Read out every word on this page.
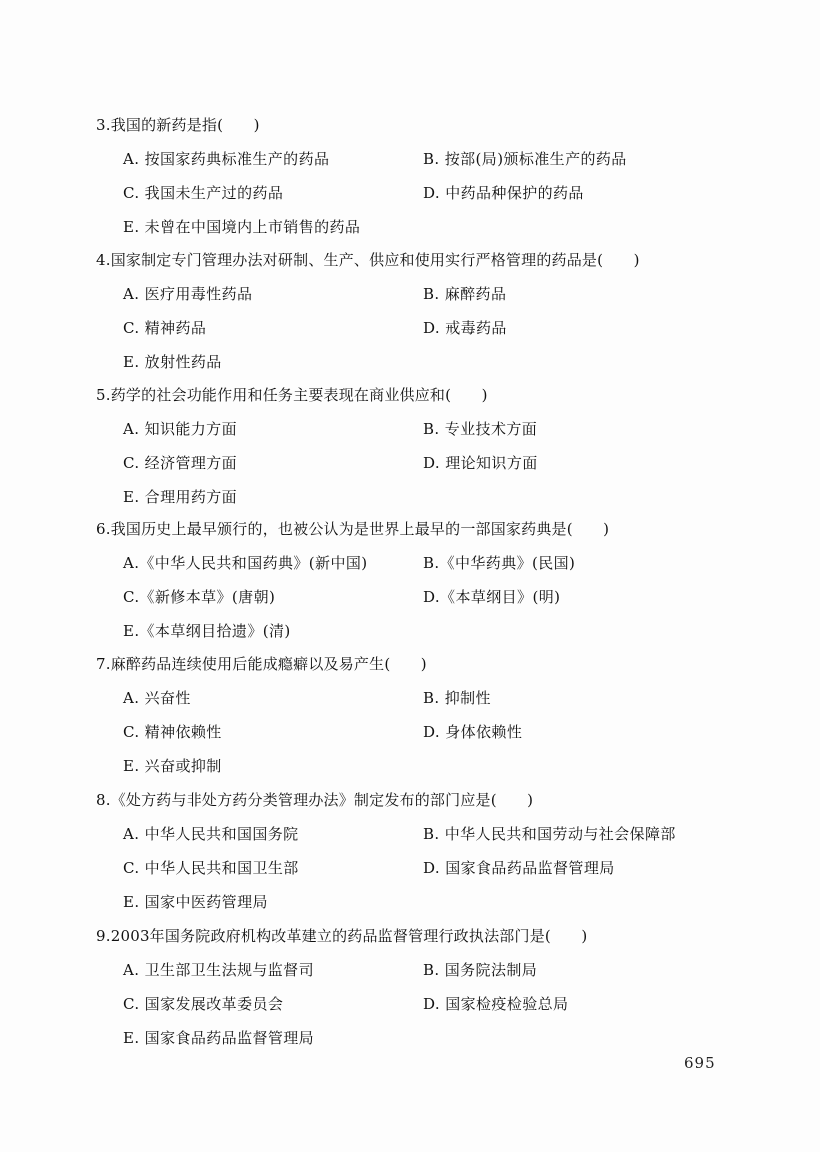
3.我国的新药是指(　　)
A. 按国家药典标准生产的药品	B. 按部(局)颁标准生产的药品
C. 我国未生产过的药品	D. 中药品种保护的药品
E. 未曾在中国境内上市销售的药品
4.国家制定专门管理办法对研制、生产、供应和使用实行严格管理的药品是(　　)
A. 医疗用毒性药品	B. 麻醉药品
C. 精神药品	D. 戒毒药品
E. 放射性药品
5.药学的社会功能作用和任务主要表现在商业供应和(　　)
A. 知识能力方面	B. 专业技术方面
C. 经济管理方面	D. 理论知识方面
E. 合理用药方面
6.我国历史上最早颁行的，也被公认为是世界上最早的一部国家药典是(　　)
A.《中华人民共和国药典》(新中国)	B.《中华药典》(民国)
C.《新修本草》(唐朝)	D.《本草纲目》(明)
E.《本草纲目拾遗》(清)
7.麻醉药品连续使用后能成瘾癖以及易产生(　　)
A. 兴奋性	B. 抑制性
C. 精神依赖性	D. 身体依赖性
E. 兴奋或抑制
8.《处方药与非处方药分类管理办法》制定发布的部门应是(　　)
A. 中华人民共和国国务院	B. 中华人民共和国劳动与社会保障部
C. 中华人民共和国卫生部	D. 国家食品药品监督管理局
E. 国家中医药管理局
9.2003年国务院政府机构改革建立的药品监督管理行政执法部门是(　　)
A. 卫生部卫生法规与监督司	B. 国务院法制局
C. 国家发展改革委员会	D. 国家检疫检验总局
E. 国家食品药品监督管理局
695
